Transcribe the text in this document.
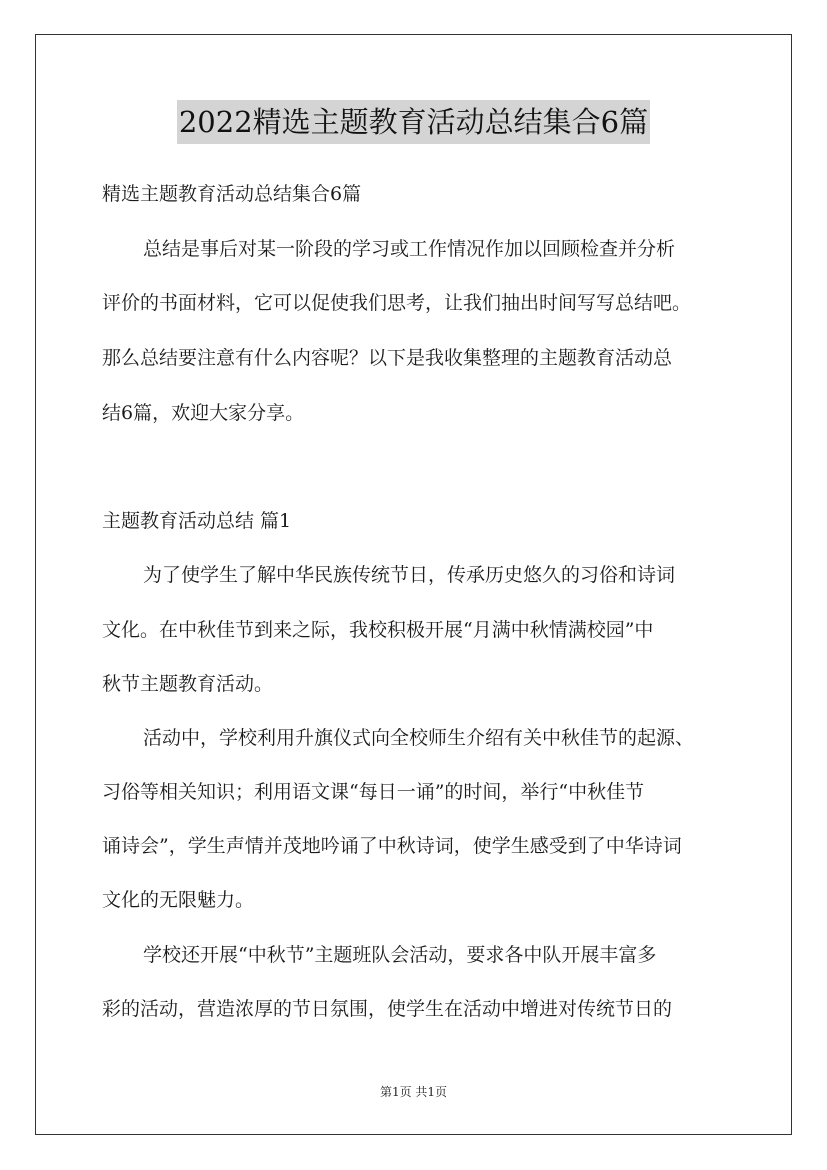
2022精选主题教育活动总结集合6篇
精选主题教育活动总结集合6篇
总结是事后对某一阶段的学习或工作情况作加以回顾检查并分析
评价的书面材料，它可以促使我们思考，让我们抽出时间写写总结吧。
那么总结要注意有什么内容呢？以下是我收集整理的主题教育活动总
结6篇，欢迎大家分享。
主题教育活动总结 篇1
为了使学生了解中华民族传统节日，传承历史悠久的习俗和诗词
文化。在中秋佳节到来之际，我校积极开展“月满中秋情满校园”中
秋节主题教育活动。
活动中，学校利用升旗仪式向全校师生介绍有关中秋佳节的起源、
习俗等相关知识；利用语文课“每日一诵”的时间，举行“中秋佳节
诵诗会”，学生声情并茂地吟诵了中秋诗词，使学生感受到了中华诗词
文化的无限魅力。
学校还开展“中秋节”主题班队会活动，要求各中队开展丰富多
彩的活动，营造浓厚的节日氛围，使学生在活动中增进对传统节日的
第1页 共1页
